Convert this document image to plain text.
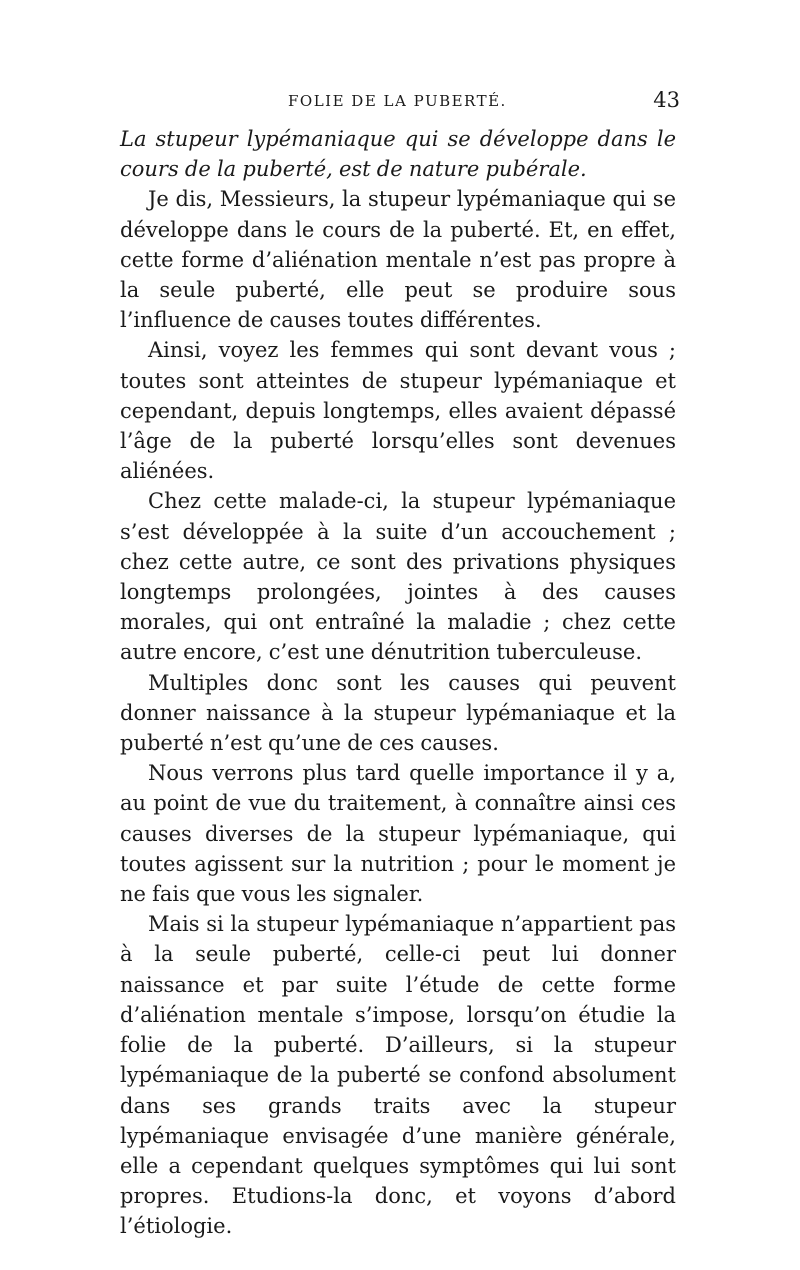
FOLIE DE LA PUBERTÉ.	43

La stupeur lypémaniaque qui se développe dans le cours de la puberté, est de nature pubérale.

Je dis, Messieurs, la stupeur lypémaniaque qui se développe dans le cours de la puberté. Et, en effet, cette forme d’aliénation mentale n’est pas propre à la seule puberté, elle peut se produire sous l’influence de causes toutes différentes.

Ainsi, voyez les femmes qui sont devant vous ; toutes sont atteintes de stupeur lypémaniaque et cependant, depuis longtemps, elles avaient dépassé l’âge de la puberté lorsqu’elles sont devenues aliénées.

Chez cette malade-ci, la stupeur lypémaniaque s’est développée à la suite d’un accouchement ; chez cette autre, ce sont des privations physiques longtemps prolongées, jointes à des causes morales, qui ont entraîné la maladie ; chez cette autre encore, c’est une dénutrition tuberculeuse.

Multiples donc sont les causes qui peuvent donner naissance à la stupeur lypémaniaque et la puberté n’est qu’une de ces causes.

Nous verrons plus tard quelle importance il y a, au point de vue du traitement, à connaître ainsi ces causes diverses de la stupeur lypémaniaque, qui toutes agissent sur la nutrition ; pour le moment je ne fais que vous les signaler.

Mais si la stupeur lypémaniaque n’appartient pas à la seule puberté, celle-ci peut lui donner naissance et par suite l’étude de cette forme d’aliénation mentale s’impose, lorsqu’on étudie la folie de la puberté. D’ailleurs, si la stupeur lypémaniaque de la puberté se confond absolument dans ses grands traits avec la stupeur lypémaniaque envisagée d’une manière générale, elle a cependant quelques symptômes qui lui sont propres. Etudions-la donc, et voyons d’abord l’étiologie.
